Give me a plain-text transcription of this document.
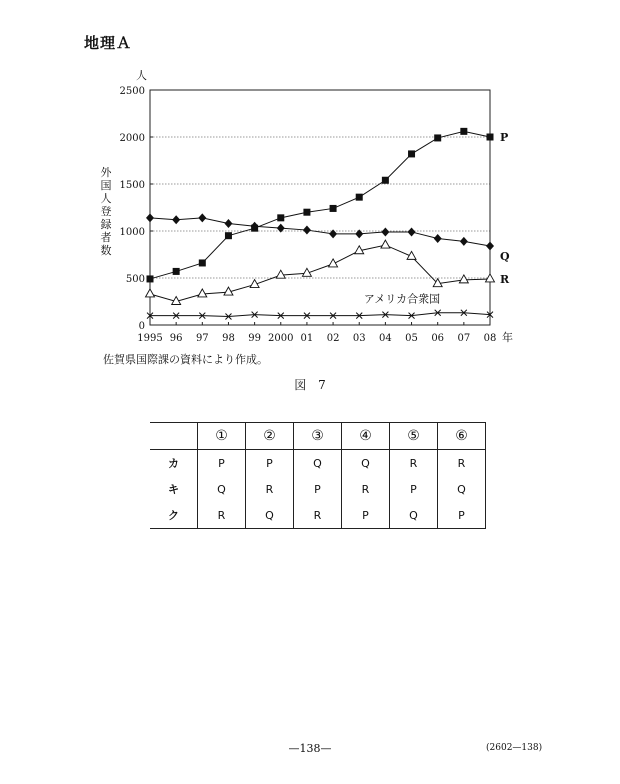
地理Ａ
0
500
1000
1500
2000
2500
1995 96 97 98 99 2000 01 02 03 04 05 06 07 08
人
年
外
国
人
登
録
者
数
P
Q
R
アメリカ合衆国
佐賀県国際課の資料により作成。
図 7
	①	②	③	④	⑤	⑥
カ	P	P	Q	Q	R	R
キ	Q	R	P	R	P	Q
ク	R	Q	R	P	Q	P
—138—	(2602—138)
